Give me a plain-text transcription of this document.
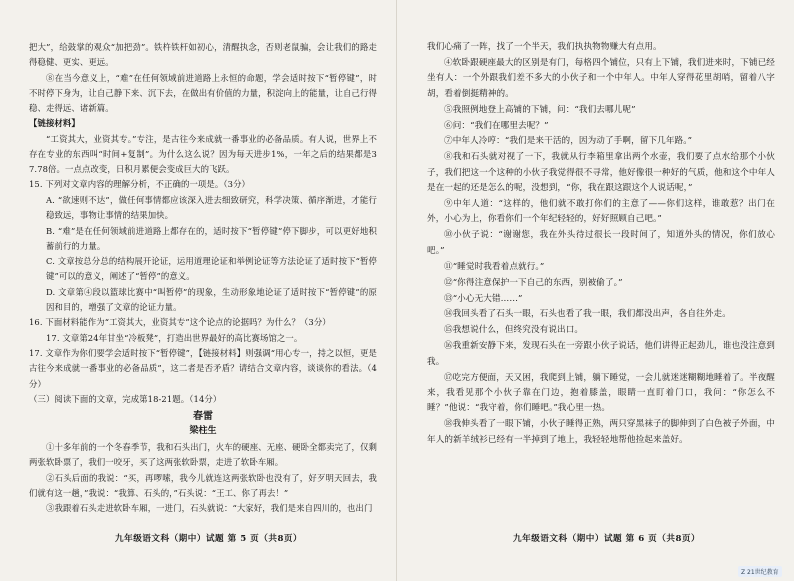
把大”，给鼓掌的观众“加把劲”。铁杵铁杆如初心，清醒执念，否则老鼠骗，会让我们的路走得稳健、更实、更远。

⑧在当今意义上，“难”在任何领域前进道路上永恒的命题，学会适时按下“暂停键”，时不时停下身为，让自己静下来、沉下去，在做出有价值的力量，积淀向上的能量，让自己行得稳、走得远、诸新篇。

【链接材料】

“工资其大，业资其专。”专注，是古往今来成就一番事业的必备品质。有人说，世界上不存在专业的东西叫“时间+复制”。为什么这么说？因为每天进步1%，一年之后的结果都是37.78倍。一点点改变，日积月累便会变成巨大的飞跃。

15. 下列对文章内容的理解分析，不正确的一项是。（3分）

A. “欲速则不达”，做任何事情都应该深入进去细致研究，科学决策、循序渐进，才能行稳致远，事物让事情的结果加快。

B. “难”是在任何领域前进道路上都存在的，适时按下“暂停键”停下脚步，可以更好地积蓄前行的力量。

C. 文章按总分总的结构展开论证，运用道理论证和举例论证等方法论证了适时按下“暂停键”可以的意义，阐述了“暂停”的意义。

D. 文章第④段以篮球比赛中“叫暂停”的现象，生动形象地论证了适时按下“暂停键”的原因和目的，增强了文章的论证力量。

16. 下面材料能作为“工资其大，业资其专”这个论点的论据吗？为什么？（3分）

17. 文章第24年甘坐“冷板凳”，打造出世界最好的高比赛场馆之一。

17. 文章作为你们要学会适时按下“暂停键”，【链接材料】则强调“用心专一，持之以恒，更是古往今来成就一番事业的必备品质”，这二者是否矛盾？请结合文章内容，谈谈你的看法。（4分）

（三）阅读下面的文章，完成第18-21题。（14分）

春雷
梁柱生

①十多年前的一个冬春季节，我和石头出门，火车的硬座、无座、硬卧全都卖完了，仅剩两张软卧票了，我们一咬牙，买了这两张软卧票，走进了软卧车厢。

②石头后面的我说：“买，再啰嗦，我今儿就连这两张软卧也没有了，好歹明天回去，我们就有这一趟，”我说：“我算、石头的，”石头说：“王工、你了再去！”

③我跟着石头走进软卧车厢，一进门，石头就说：“大家好，我们是来自四川的，也出门

我们心痛了一阵，找了一个半天，我们执执物物赚大有点用。

④软卧跟硬座最大的区别是有门，每格四个铺位，只有上下铺，我们进来时，下铺已经坐有人：一个外跟我们差不多大的小伙子和一个中年人。中年人穿得花里胡哨，留着八字胡，看着倒挺精神的。

⑤我照例地登上高铺的下铺，问：“我们去哪儿呢”

⑥问：“我们在哪里去呢？”

⑦中年人冷哼：“我们是来干活的，因为动了手啊，留下几年路。”

⑧我和石头就对视了一下，我就从行李箱里拿出两个水壶，我们要了点水给那个小伙子，我们把这一个这种的小伙子我觉得很不寻常，他好像很一种好的气质，他和这个中年人是在一起的还是怎么的呢，没想到，“你，我在跟这跟这个人说话呢，”

⑨中年人道：“这样的，他们就不敢打你们的主意了——你们这样，谁敢惹？出门在外，小心为上，你看你们一个年纪轻轻的，好好照顾自己吧。”

⑩小伙子说：“谢谢您，我在外头待过很长一段时间了，知道外头的情况，你们放心吧。”

⑪“睡觉时我看着点就行。”

⑫“你得注意保护一下自己的东西，别被偷了。”

⑬“小心无大错……”

⑭我回头看了石头一眼，石头也看了我一眼，我们都没出声，各自往外走。

⑮我想说什么，但终究没有说出口。

⑯我重新安静下来，发现石头在一旁跟小伙子说话，他们讲得正起劲儿，谁也没注意到我。

⑰吃完方便面，天又困，我爬到上铺，躺下睡觉，一会儿就迷迷糊糊地睡着了。半夜醒来，我看见那个小伙子靠在门边，抱着膝盖，眼睛一直盯着门口，我问：“你怎么不睡？”他说：“我守着，你们睡吧。”我心里一热。

⑱我伸头看了一眼下铺，小伙子睡得正熟，两只穿黑袜子的脚伸到了白色被子外面，中年人的新羊绒衫已经有一半掉到了地上，我轻轻地帮他捡起来盖好。

九年级语文科（期中）试题 第 5 页（共8页）	九年级语文科（期中）试题 第 6 页（共8页）
Z 21世纪教育
